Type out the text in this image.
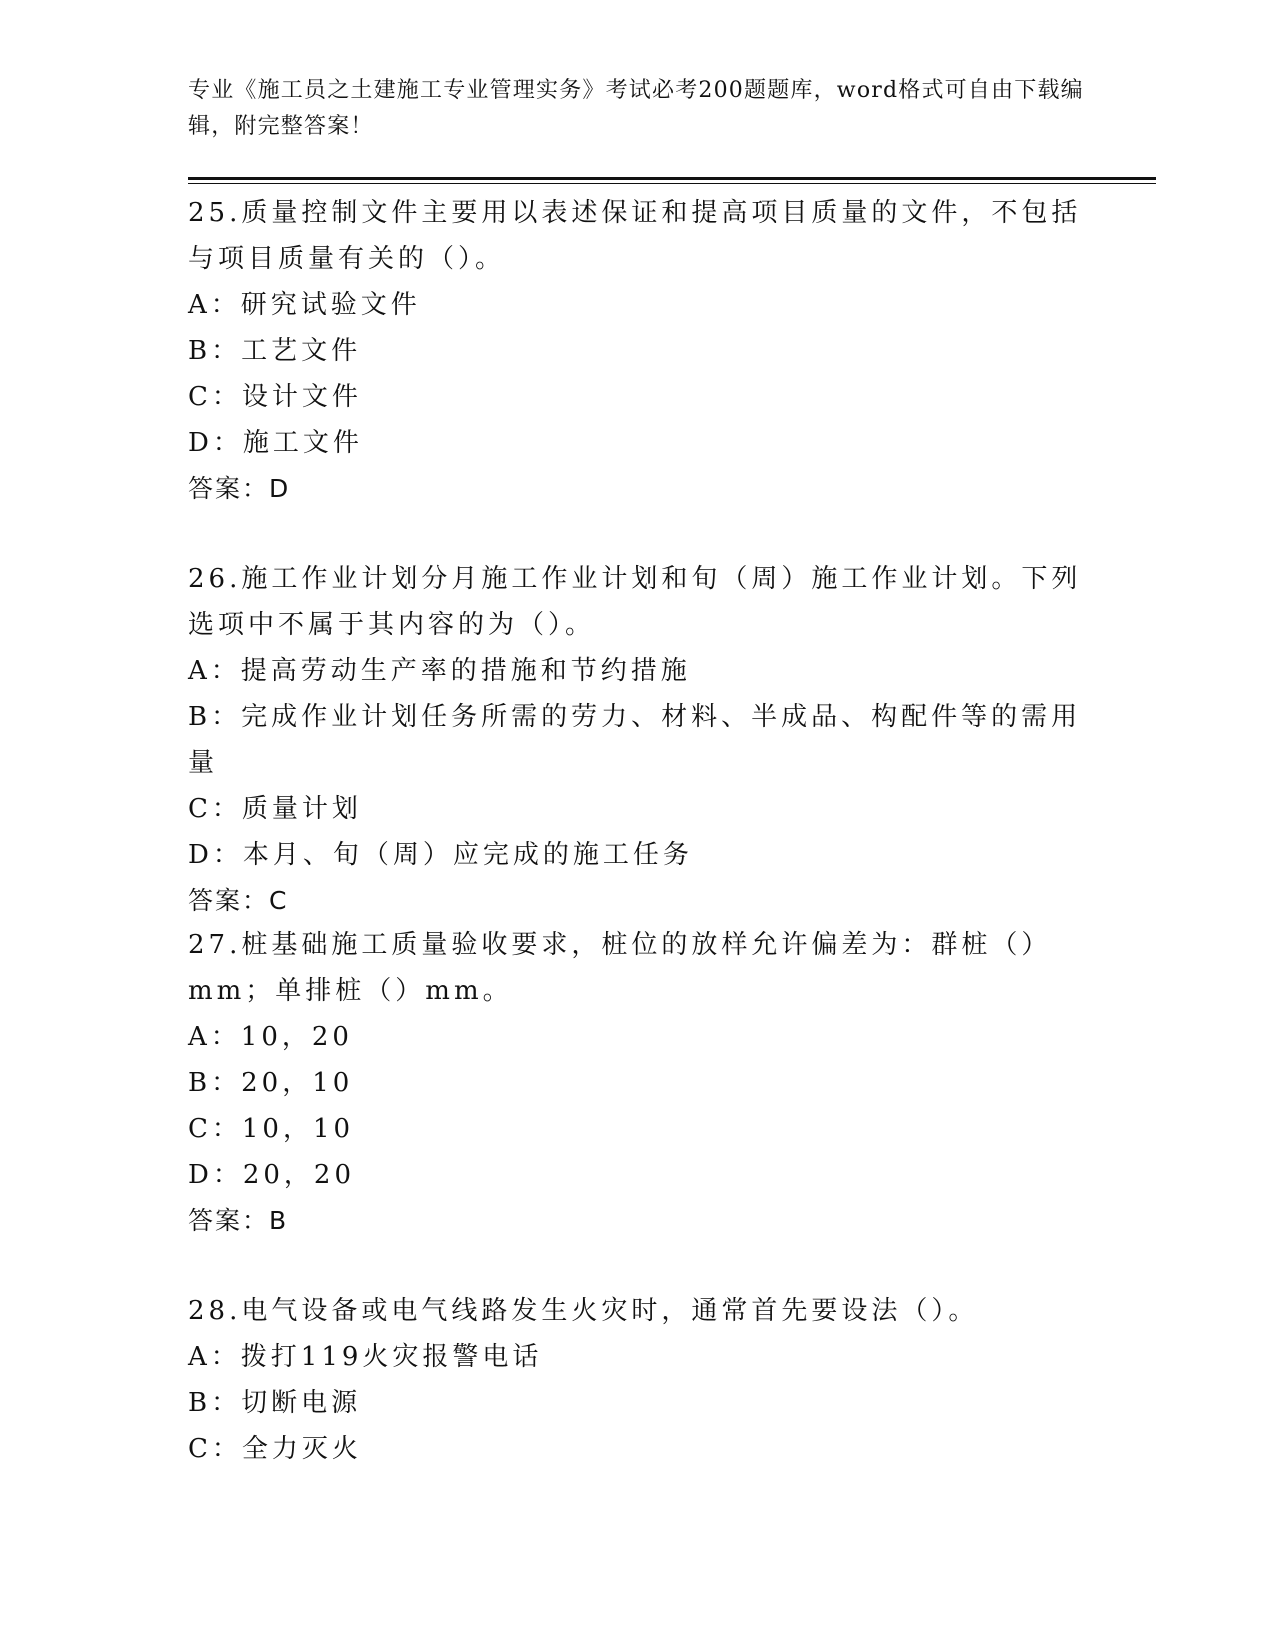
专业《施工员之土建施工专业管理实务》考试必考200题题库，word格式可自由下载编辑，附完整答案！
25.质量控制文件主要用以表述保证和提高项目质量的文件，不包括与项目质量有关的（）。
A：研究试验文件
B：工艺文件
C：设计文件
D：施工文件
答案：D
26.施工作业计划分月施工作业计划和旬（周）施工作业计划。下列选项中不属于其内容的为（）。
A：提高劳动生产率的措施和节约措施
B：完成作业计划任务所需的劳力、材料、半成品、构配件等的需用量
C：质量计划
D：本月、旬（周）应完成的施工任务
答案：C
27.桩基础施工质量验收要求，桩位的放样允许偏差为：群桩（）mm；单排桩（）mm。
A：10，20
B：20，10
C：10，10
D：20，20
答案：B
28.电气设备或电气线路发生火灾时，通常首先要设法（）。
A：拨打119火灾报警电话
B：切断电源
C：全力灭火
